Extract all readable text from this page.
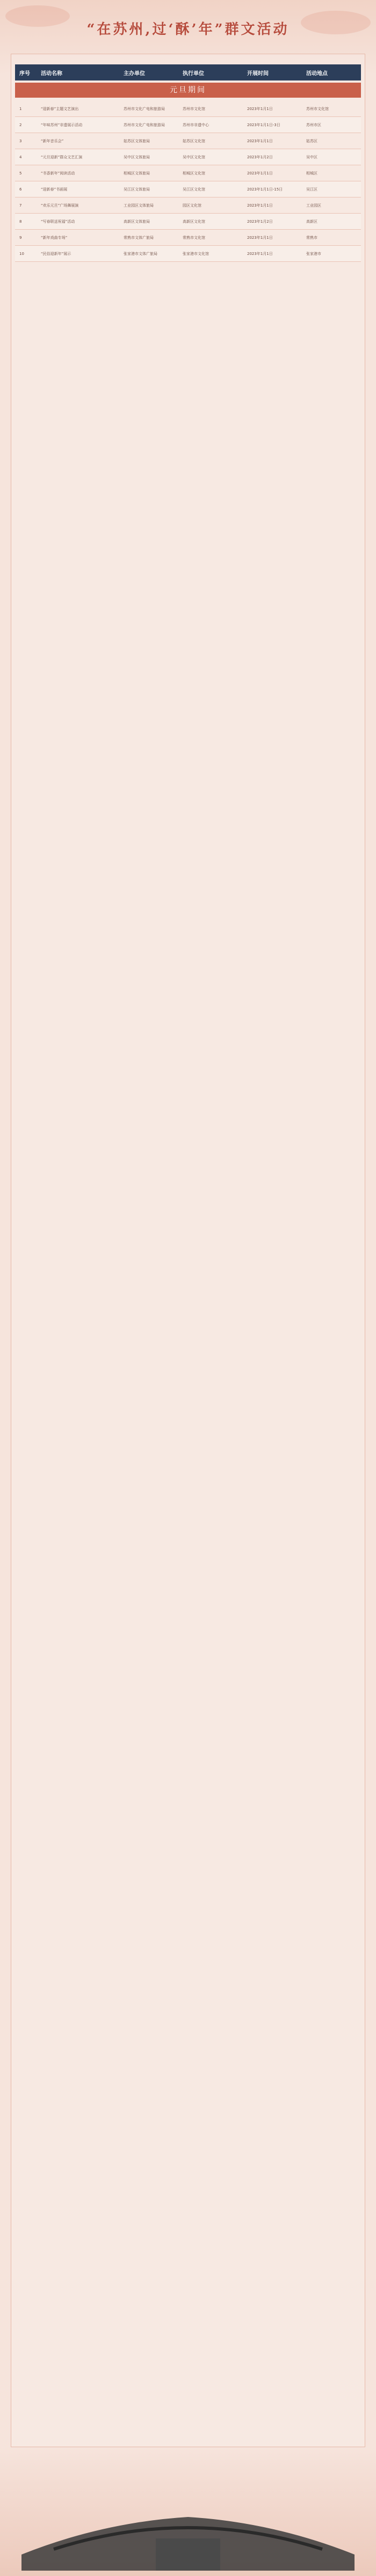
“在苏州,过‘酥’年”群文活动
序号	活动名称	主办单位	执行单位	开展时间	活动地点
元旦期间
1	“迎新春”主题文艺演出	苏州市文化广电和旅游局	苏州市文化馆	2023年1月1日	苏州市文化馆
2	“年味苏州”非遗展示活动	苏州市文化广电和旅游局	苏州市非遗中心	2023年1月1日-3日	苏州市区
3	“新年音乐会”	姑苏区文体旅局	姑苏区文化馆	2023年1月1日	姑苏区
4	“元旦迎新”群众文艺汇演	吴中区文体旅局	吴中区文化馆	2023年1月2日	吴中区
5	“书香新年”阅读活动	相城区文体旅局	相城区文化馆	2023年1月1日	相城区
6	“迎新春”书画展	吴江区文体旅局	吴江区文化馆	2023年1月1日-15日	吴江区
7	“欢乐元旦”广场舞展演	工业园区文体旅局	园区文化馆	2023年1月1日	工业园区
8	“写春联送祝福”活动	高新区文体旅局	高新区文化馆	2023年1月2日	高新区
9	“新年戏曲专场”	常熟市文体广旅局	常熟市文化馆	2023年1月1日	常熟市
10	“民俗迎新年”展示	张家港市文体广旅局	张家港市文化馆	2023年1月1日	张家港市
